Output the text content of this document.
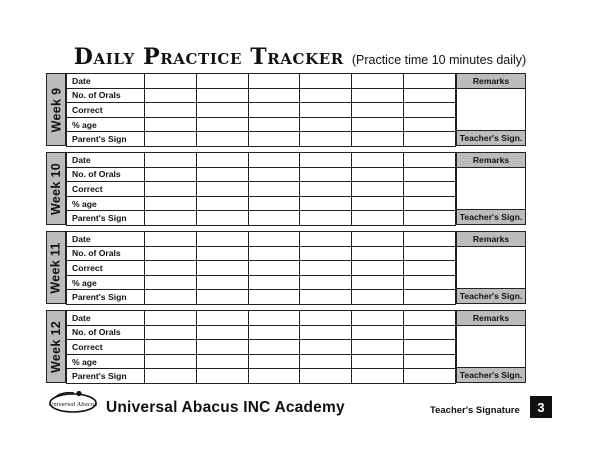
Daily Practice Tracker (Practice time 10 minutes daily)
Week 9
Date						
No. of Orals						
Correct						
% age						
Parent's Sign						
Remarks
Teacher's Sign.
Week 10
Date						
No. of Orals						
Correct						
% age						
Parent's Sign						
Remarks
Teacher's Sign.
Week 11
Date						
No. of Orals						
Correct						
% age						
Parent's Sign						
Remarks
Teacher's Sign.
Week 12
Date						
No. of Orals						
Correct						
% age						
Parent's Sign						
Remarks
Teacher's Sign.
Universal Abacus Universal Abacus INC Academy	Teacher's Signature	3
